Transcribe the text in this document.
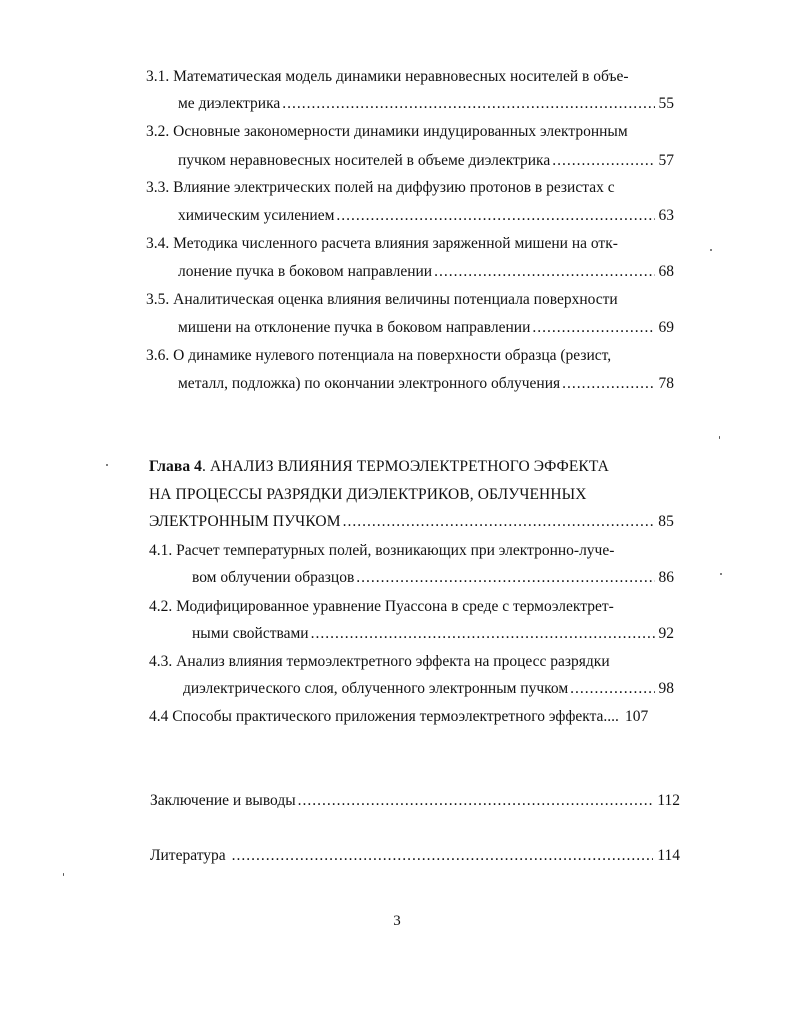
3.1. Математическая модель динамики неравновесных носителей в объе-
ме диэлектрика .....	55
3.2. Основные закономерности динамики индуцированных электронным
пучком неравновесных носителей в объеме диэлектрика .....	57
3.3. Влияние электрических полей на диффузию протонов в резистах с
химическим усилением .....	63
3.4. Методика численного расчета влияния заряженной мишени на отк-
лонение пучка в боковом направлении .....	68
3.5. Аналитическая оценка влияния величины потенциала поверхности
мишени на отклонение пучка в боковом направлении .....	69
3.6. О динамике нулевого потенциала на поверхности образца (резист,
металл, подложка) по окончании электронного облучения .....	78
Глава 4. АНАЛИЗ ВЛИЯНИЯ ТЕРМОЭЛЕКТРЕТНОГО ЭФФЕКТА
НА ПРОЦЕССЫ РАЗРЯДКИ ДИЭЛЕКТРИКОВ, ОБЛУЧЕННЫХ
ЭЛЕКТРОННЫМ ПУЧКОМ .....	85
4.1. Расчет температурных полей, возникающих при электронно-луче-
вом облучении образцов .....	86
4.2. Модифицированное уравнение Пуассона в среде с термоэлектрет-
ными свойствами .....	92
4.3. Анализ влияния термоэлектретного эффекта на процесс разрядки
диэлектрического слоя, облученного электронным пучком .....	98
4.4 Способы практического приложения термоэлектретного эффекта.... 107
Заключение и выводы .....	112
Литература .....	114
3
